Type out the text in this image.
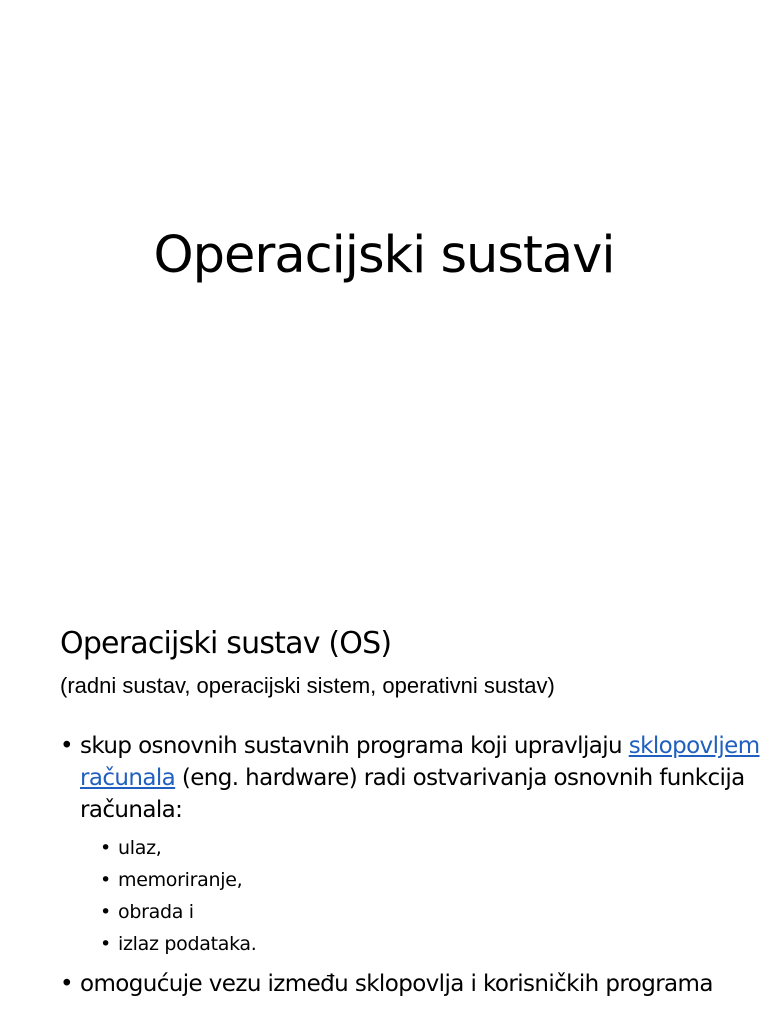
Operacijski sustavi
Operacijski sustav (OS)
(radni sustav, operacijski sistem, operativni sustav)
• skup osnovnih sustavnih programa koji upravljaju sklopovljem računala (eng. hardware) radi ostvarivanja osnovnih funkcija računala:
• ulaz,
• memoriranje,
• obrada i
• izlaz podataka.
• omogućuje vezu između sklopovlja i korisničkih programa
